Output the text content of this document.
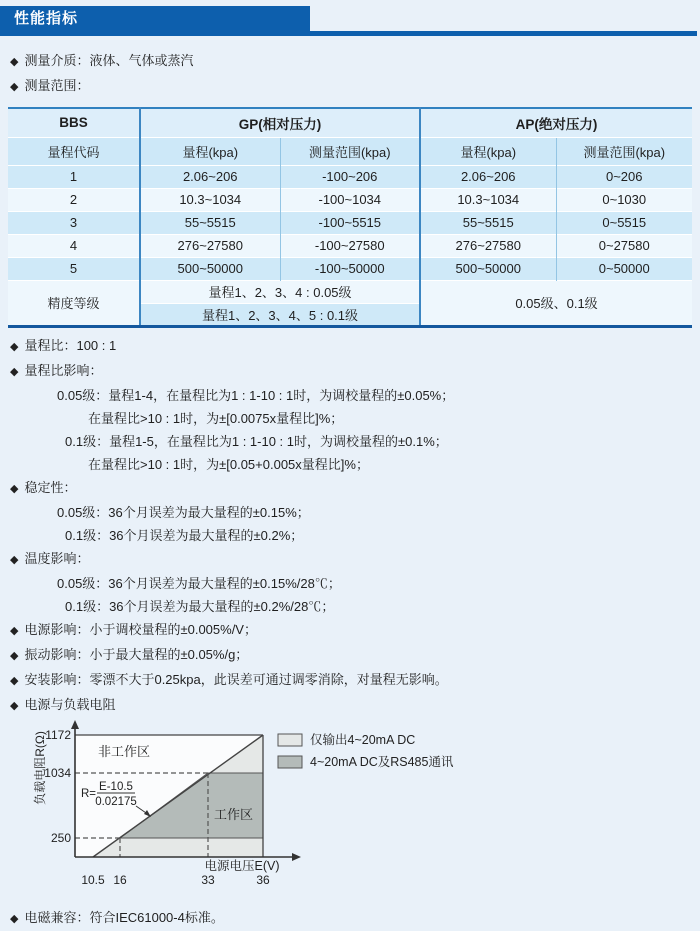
性能指标
◆ 测量介质：液体、气体或蒸汽
◆ 测量范围：
BBS	GP(相对压力)		AP(绝对压力)	
量程代码	量程(kpa)	测量范围(kpa)	量程(kpa)	测量范围(kpa)
1	2.06~206	-100~206	2.06~206	0~206
2	10.3~1034	-100~1034	10.3~1034	0~1030
3	55~5515	-100~5515	55~5515	0~5515
4	276~27580	-100~27580	276~27580	0~27580
5	500~50000	-100~50000	500~50000	0~50000
精度等级	量程1、2、3、4 : 0.05级		0.05级、0.1级	
	量程1、2、3、4、5 : 0.1级			
◆ 量程比：100 : 1
◆ 量程比影响：
0.05级：量程1-4，在量程比为1 : 1-10 : 1时，为调校量程的±0.05%；
在量程比>10 : 1时，为±[0.0075x量程比]%；
0.1级：量程1-5，在量程比为1 : 1-10 : 1时，为调校量程的±0.1%；
在量程比>10 : 1时，为±[0.05+0.005x量程比]%；
◆ 稳定性：
0.05级：36个月误差为最大量程的±0.15%；
0.1级：36个月误差为最大量程的±0.2%；
◆ 温度影响：
0.05级：36个月误差为最大量程的±0.15%/28℃；
0.1级：36个月误差为最大量程的±0.2%/28℃；
◆ 电源影响：小于调校量程的±0.005%/V；
◆ 振动影响：小于最大量程的±0.05%/g；
◆ 安装影响：零漂不大于0.25kpa，此误差可通过调零消除，对量程无影响。
◆ 电源与负载电阻
1172
1034
250
负载电阻R(Ω)
10.5 16	33	36
电源电压E(V)
非工作区
工作区
R=
E-10.5
0.02175
仅输出4~20mA DC
4~20mA DC及RS485通讯
◆ 电磁兼容：符合IEC61000-4标准。
